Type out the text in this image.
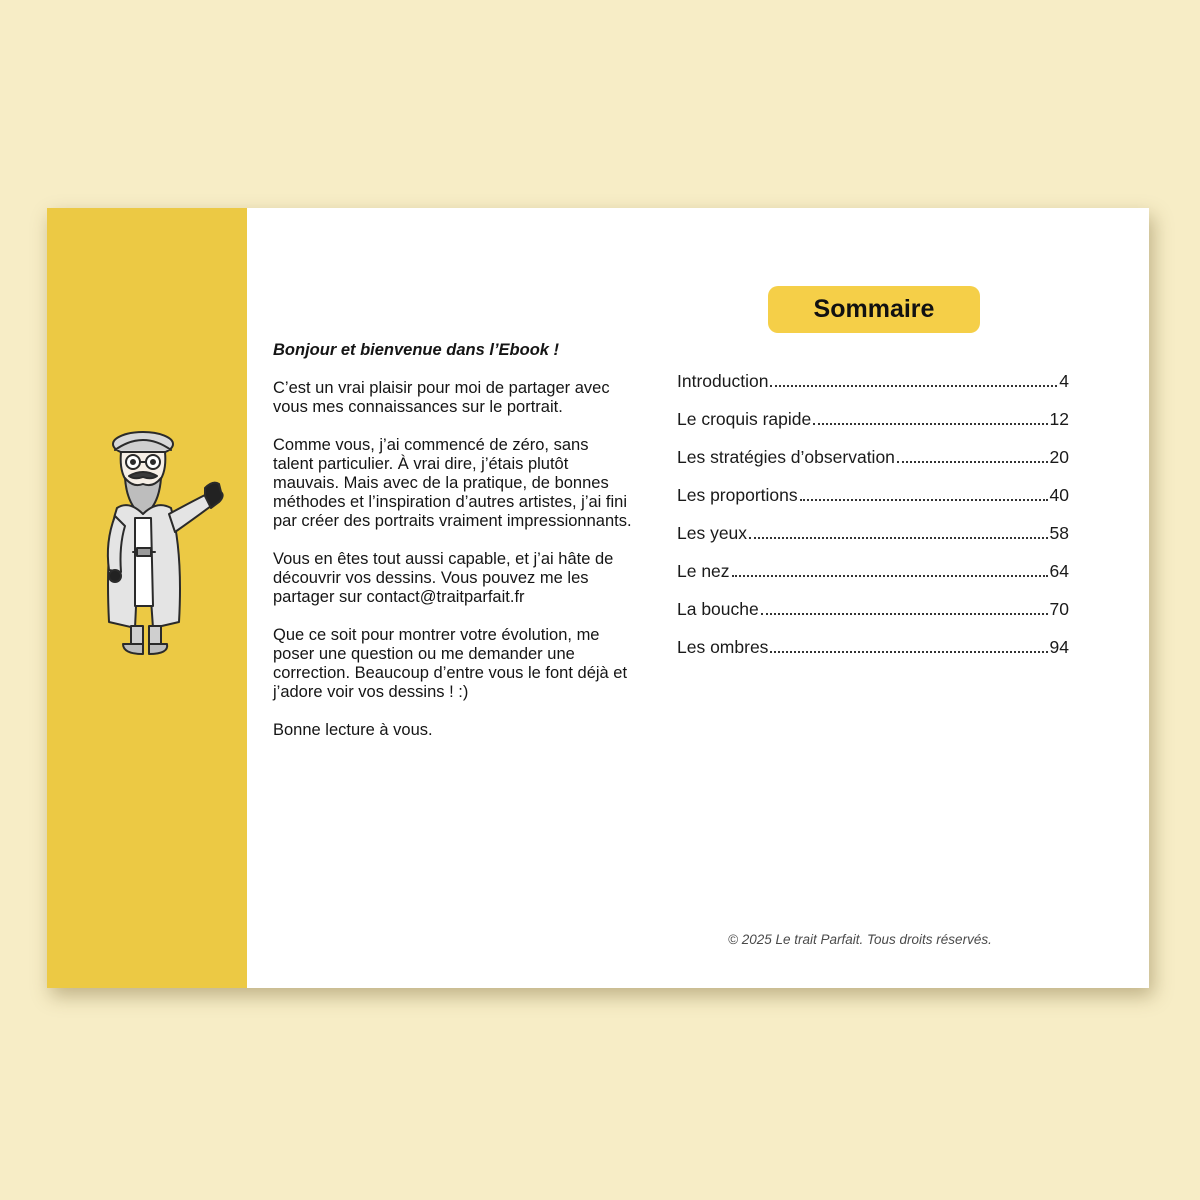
Bonjour et bienvenue dans l’Ebook !

C’est un vrai plaisir pour moi de partager avec vous mes connaissances sur le portrait.

Comme vous, j’ai commencé de zéro, sans talent particulier. À vrai dire, j’étais plutôt mauvais. Mais avec de la pratique, de bonnes méthodes et l’inspiration d’autres artistes, j’ai fini par créer des portraits vraiment impressionnants.

Vous en êtes tout aussi capable, et j’ai hâte de découvrir vos dessins. Vous pouvez me les partager sur contact@traitparfait.fr

Que ce soit pour montrer votre évolution, me poser une question ou me demander une correction. Beaucoup d’entre vous le font déjà et j’adore voir vos dessins ! :)

Bonne lecture à vous.

Sommaire
Introduction	4
Le croquis rapide	12
Les stratégies d’observation	20
Les proportions	40
Les yeux	58
Le nez	64
La bouche	70
Les ombres	94
© 2025 Le trait Parfait. Tous droits réservés.
